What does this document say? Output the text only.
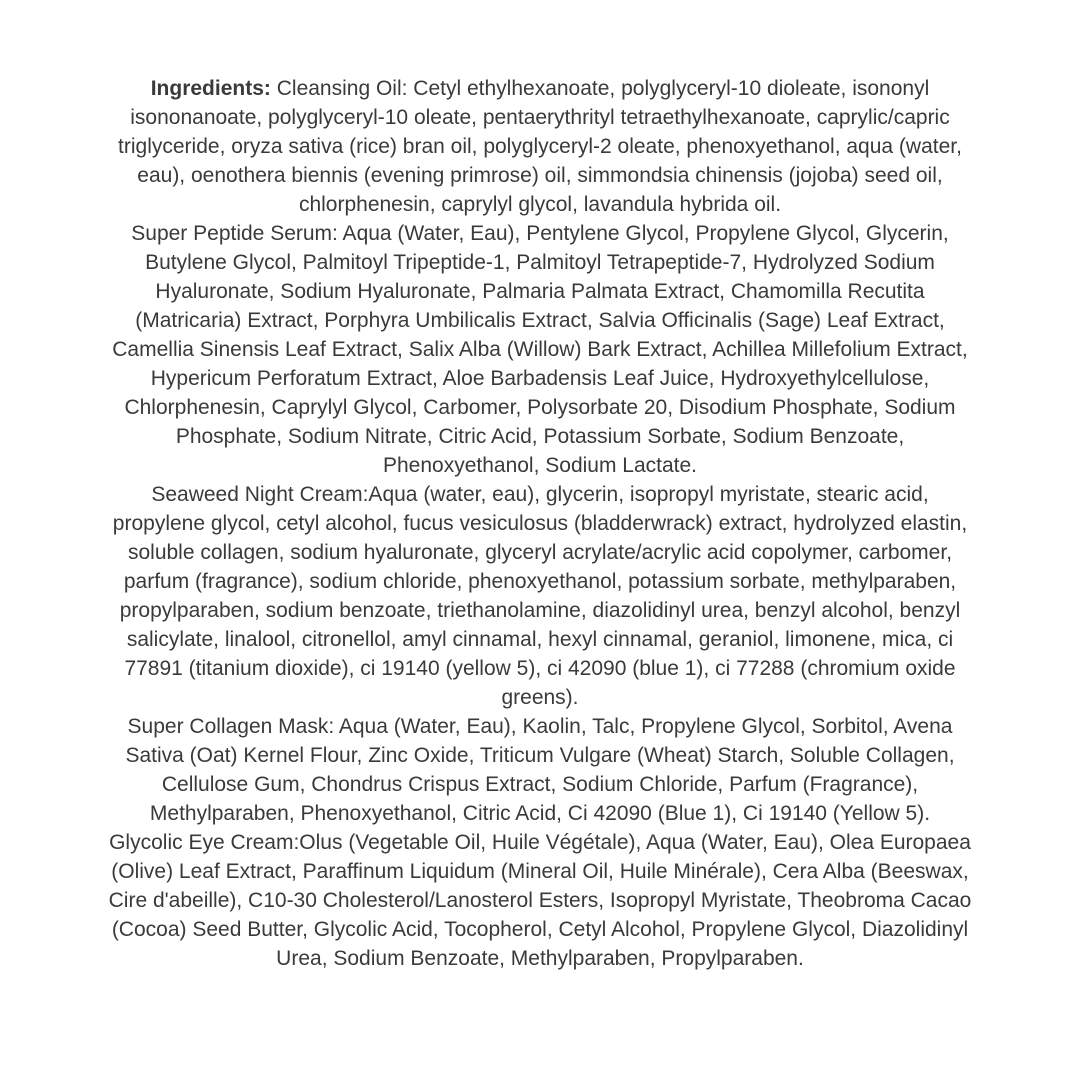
Ingredients: Cleansing Oil: Cetyl ethylhexanoate, polyglyceryl-10 dioleate, isononyl isononanoate, polyglyceryl-10 oleate, pentaerythrityl tetraethylhexanoate, caprylic/capric triglyceride, oryza sativa (rice) bran oil, polyglyceryl-2 oleate, phenoxyethanol, aqua (water, eau), oenothera biennis (evening primrose) oil, simmondsia chinensis (jojoba) seed oil, chlorphenesin, caprylyl glycol, lavandula hybrida oil.

Super Peptide Serum: Aqua (Water, Eau), Pentylene Glycol, Propylene Glycol, Glycerin, Butylene Glycol, Palmitoyl Tripeptide-1, Palmitoyl Tetrapeptide-7, Hydrolyzed Sodium Hyaluronate, Sodium Hyaluronate, Palmaria Palmata Extract, Chamomilla Recutita (Matricaria) Extract, Porphyra Umbilicalis Extract, Salvia Officinalis (Sage) Leaf Extract, Camellia Sinensis Leaf Extract, Salix Alba (Willow) Bark Extract, Achillea Millefolium Extract, Hypericum Perforatum Extract, Aloe Barbadensis Leaf Juice, Hydroxyethylcellulose, Chlorphenesin, Caprylyl Glycol, Carbomer, Polysorbate 20, Disodium Phosphate, Sodium Phosphate, Sodium Nitrate, Citric Acid, Potassium Sorbate, Sodium Benzoate, Phenoxyethanol, Sodium Lactate.

Seaweed Night Cream:Aqua (water, eau), glycerin, isopropyl myristate, stearic acid, propylene glycol, cetyl alcohol, fucus vesiculosus (bladderwrack) extract, hydrolyzed elastin, soluble collagen, sodium hyaluronate, glyceryl acrylate/acrylic acid copolymer, carbomer, parfum (fragrance), sodium chloride, phenoxyethanol, potassium sorbate, methylparaben, propylparaben, sodium benzoate, triethanolamine, diazolidinyl urea, benzyl alcohol, benzyl salicylate, linalool, citronellol, amyl cinnamal, hexyl cinnamal, geraniol, limonene, mica, ci 77891 (titanium dioxide), ci 19140 (yellow 5), ci 42090 (blue 1), ci 77288 (chromium oxide greens).

Super Collagen Mask: Aqua (Water, Eau), Kaolin, Talc, Propylene Glycol, Sorbitol, Avena Sativa (Oat) Kernel Flour, Zinc Oxide, Triticum Vulgare (Wheat) Starch, Soluble Collagen, Cellulose Gum, Chondrus Crispus Extract, Sodium Chloride, Parfum (Fragrance), Methylparaben, Phenoxyethanol, Citric Acid, Ci 42090 (Blue 1), Ci 19140 (Yellow 5).

Glycolic Eye Cream:Olus (Vegetable Oil, Huile Végétale), Aqua (Water, Eau), Olea Europaea (Olive) Leaf Extract, Paraffinum Liquidum (Mineral Oil, Huile Minérale), Cera Alba (Beeswax, Cire d'abeille), C10-30 Cholesterol/Lanosterol Esters, Isopropyl Myristate, Theobroma Cacao (Cocoa) Seed Butter, Glycolic Acid, Tocopherol, Cetyl Alcohol, Propylene Glycol, Diazolidinyl Urea, Sodium Benzoate, Methylparaben, Propylparaben.
